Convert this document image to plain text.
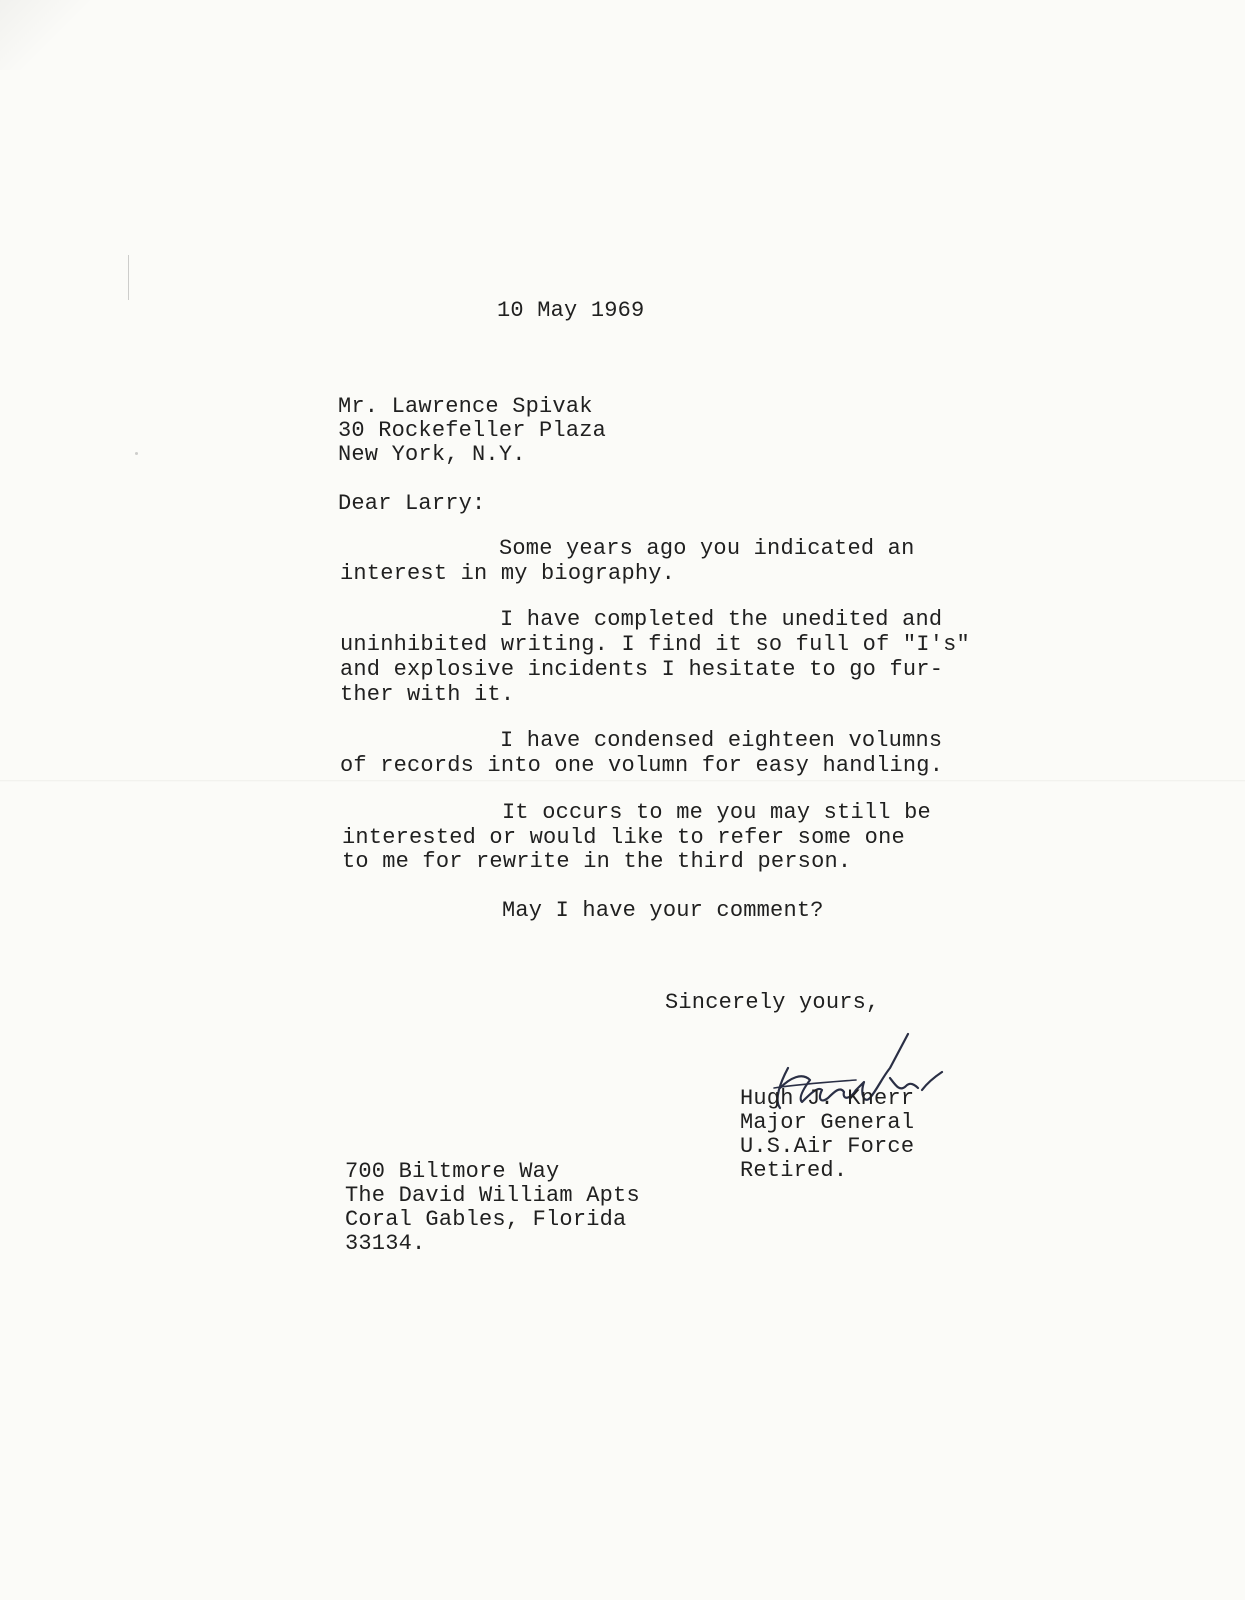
10 May 1969
Mr. Lawrence Spivak
30 Rockefeller Plaza
New York, N.Y.
Dear Larry:
Some years ago you indicated an
interest in my biography.
I have completed the unedited and
uninhibited writing. I find it so full of "I's"
and explosive incidents I hesitate to go fur-
ther with it.
I have condensed eighteen volumns
of records into one volumn for easy handling.
It occurs to me you may still be
interested or would like to refer some one
to me for rewrite in the third person.
May I have your comment?
Sincerely yours,
Hugh J. Knerr
Major General
U.S.Air Force
Retired.
700 Biltmore Way
The David William Apts
Coral Gables, Florida
33134.
